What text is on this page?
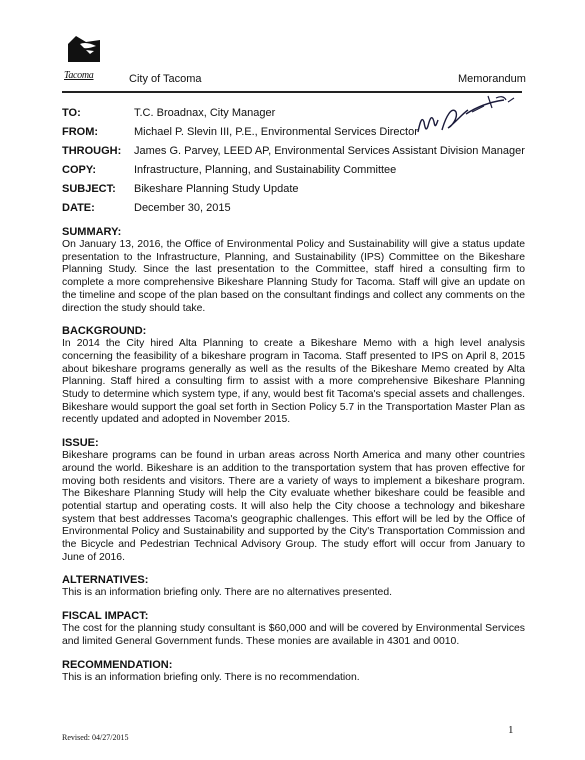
Tacoma	City of Tacoma	Memorandum
TO:	T.C. Broadnax, City Manager
FROM:	Michael P. Slevin III, P.E., Environmental Services Director
THROUGH:	James G. Parvey, LEED AP, Environmental Services Assistant Division Manager
COPY:	Infrastructure, Planning, and Sustainability Committee
SUBJECT:	Bikeshare Planning Study Update
DATE:	December 30, 2015
SUMMARY:

On January 13, 2016, the Office of Environmental Policy and Sustainability will give a status update presentation to the Infrastructure, Planning, and Sustainability (IPS) Committee on the Bikeshare Planning Study. Since the last presentation to the Committee, staff hired a consulting firm to complete a more comprehensive Bikeshare Planning Study for Tacoma. Staff will give an update on the timeline and scope of the plan based on the consultant findings and collect any comments on the direction the study should take.

BACKGROUND:

In 2014 the City hired Alta Planning to create a Bikeshare Memo with a high level analysis concerning the feasibility of a bikeshare program in Tacoma. Staff presented to IPS on April 8, 2015 about bikeshare programs generally as well as the results of the Bikeshare Memo created by Alta Planning. Staff hired a consulting firm to assist with a more comprehensive Bikeshare Planning Study to determine which system type, if any, would best fit Tacoma's special assets and challenges. Bikeshare would support the goal set forth in Section Policy 5.7 in the Transportation Master Plan as recently updated and adopted in November 2015.

ISSUE:

Bikeshare programs can be found in urban areas across North America and many other countries around the world. Bikeshare is an addition to the transportation system that has proven effective for moving both residents and visitors. There are a variety of ways to implement a bikeshare program. The Bikeshare Planning Study will help the City evaluate whether bikeshare could be feasible and potential startup and operating costs. It will also help the City choose a technology and bikeshare system that best addresses Tacoma's geographic challenges. This effort will be led by the Office of Environmental Policy and Sustainability and supported by the City's Transportation Commission and the Bicycle and Pedestrian Technical Advisory Group. The study effort will occur from January to June of 2016.

ALTERNATIVES:

This is an information briefing only. There are no alternatives presented.

FISCAL IMPACT:

The cost for the planning study consultant is $60,000 and will be covered by Environmental Services and limited General Government funds. These monies are available in 4301 and 0010.

RECOMMENDATION:

This is an information briefing only. There is no recommendation.

Revised: 04/27/2015
1
